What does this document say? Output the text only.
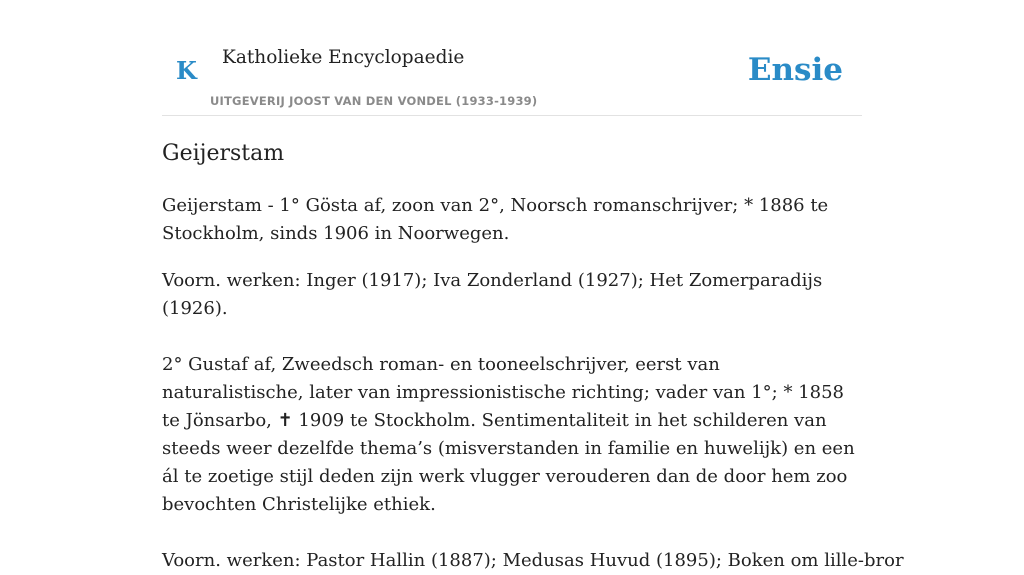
K Katholieke Encyclopaedie
UITGEVERIJ JOOST VAN DEN VONDEL (1933-1939)
Ensie
Geijerstam

Geijerstam - 1° Gösta af, zoon van 2°, Noorsch romanschrijver; * 1886 te Stockholm, sinds 1906 in Noorwegen.

Voorn. werken: Inger (1917); Iva Zonderland (1927); Het Zomerparadijs (1926).

2° Gustaf af, Zweedsch roman- en tooneelschrijver, eerst van naturalistische, later van impressionistische richting; vader van 1°; * 1858 te Jönsarbo, ✝ 1909 te Stockholm. Sentimentaliteit in het schilderen van steeds weer dezelfde thema’s (misverstanden in familie en huwelijk) en een ál te zoetige stijl deden zijn werk vlugger verouderen dan de door hem zoo bevochten Christelijke ethiek.

Voorn. werken: Pastor Hallin (1887); Medusas Huvud (1895); Boken om lille-bror
